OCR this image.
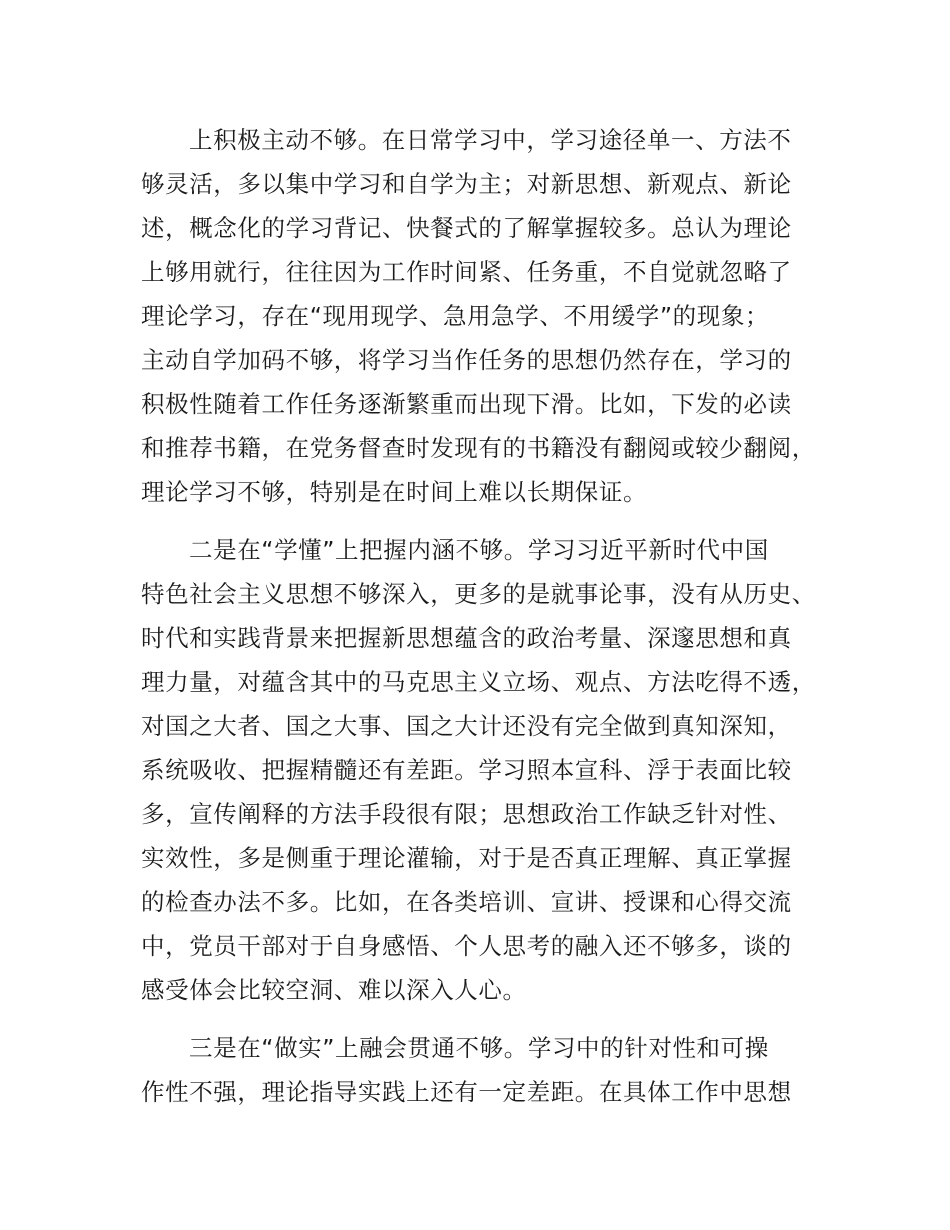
上积极主动不够。在日常学习中，学习途径单一、方法不
够灵活，多以集中学习和自学为主；对新思想、新观点、新论
述，概念化的学习背记、快餐式的了解掌握较多。总认为理论
上够用就行，往往因为工作时间紧、任务重，不自觉就忽略了
理论学习，存在“现用现学、急用急学、不用缓学”的现象；
主动自学加码不够，将学习当作任务的思想仍然存在，学习的
积极性随着工作任务逐渐繁重而出现下滑。比如，下发的必读
和推荐书籍，在党务督查时发现有的书籍没有翻阅或较少翻阅，
理论学习不够，特别是在时间上难以长期保证。
二是在“学懂”上把握内涵不够。学习习近平新时代中国
特色社会主义思想不够深入，更多的是就事论事，没有从历史、
时代和实践背景来把握新思想蕴含的政治考量、深邃思想和真
理力量，对蕴含其中的马克思主义立场、观点、方法吃得不透，
对国之大者、国之大事、国之大计还没有完全做到真知深知，
系统吸收、把握精髓还有差距。学习照本宣科、浮于表面比较
多，宣传阐释的方法手段很有限；思想政治工作缺乏针对性、
实效性，多是侧重于理论灌输，对于是否真正理解、真正掌握
的检查办法不多。比如，在各类培训、宣讲、授课和心得交流
中，党员干部对于自身感悟、个人思考的融入还不够多，谈的
感受体会比较空洞、难以深入人心。
三是在“做实”上融会贯通不够。学习中的针对性和可操
作性不强，理论指导实践上还有一定差距。在具体工作中思想
